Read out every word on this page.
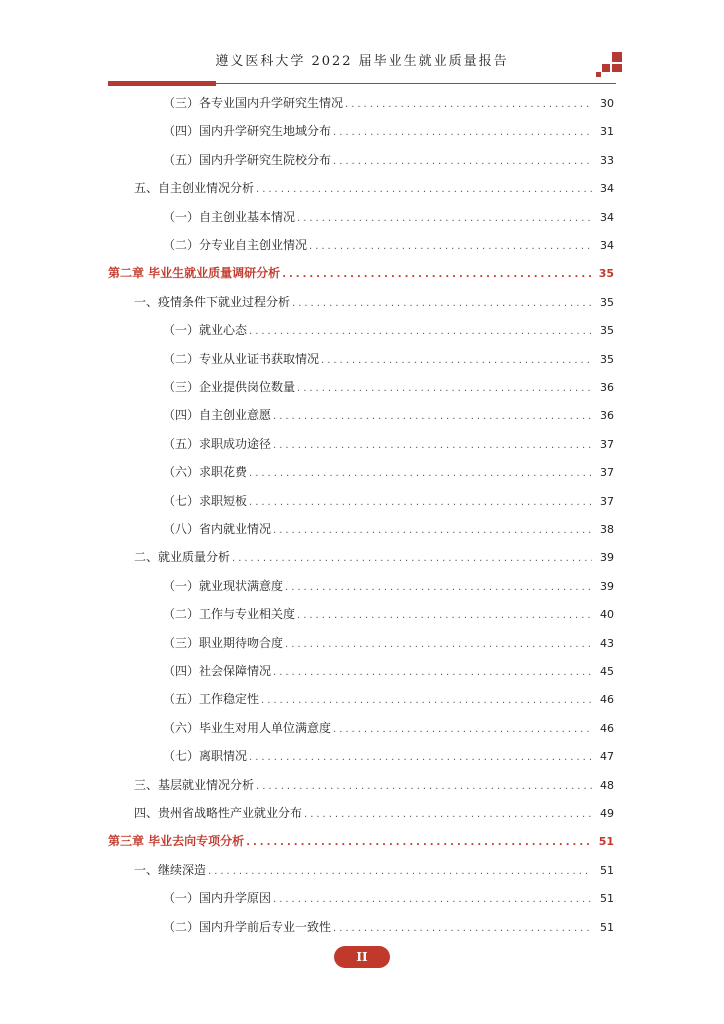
遵义医科大学 2022 届毕业生就业质量报告
（三）各专业国内升学研究生情况 .....	30
（四）国内升学研究生地域分布 .....	31
（五）国内升学研究生院校分布 .....	33
五、自主创业情况分析 .....	34
（一）自主创业基本情况 .....	34
（二）分专业自主创业情况 .....	34
第二章 毕业生就业质量调研分析 .....	35
一、疫情条件下就业过程分析 .....	35
（一）就业心态 .....	35
（二）专业从业证书获取情况 .....	35
（三）企业提供岗位数量 .....	36
（四）自主创业意愿 .....	36
（五）求职成功途径 .....	37
（六）求职花费 .....	37
（七）求职短板 .....	37
（八）省内就业情况 .....	38
二、就业质量分析 .....	39
（一）就业现状满意度 .....	39
（二）工作与专业相关度 .....	40
（三）职业期待吻合度 .....	43
（四）社会保障情况 .....	45
（五）工作稳定性 .....	46
（六）毕业生对用人单位满意度 .....	46
（七）离职情况 .....	47
三、基层就业情况分析 .....	48
四、贵州省战略性产业就业分布 .....	49
第三章 毕业去向专项分析 .....	51
一、继续深造 .....	51
（一）国内升学原因 .....	51
（二）国内升学前后专业一致性 .....	51
II
